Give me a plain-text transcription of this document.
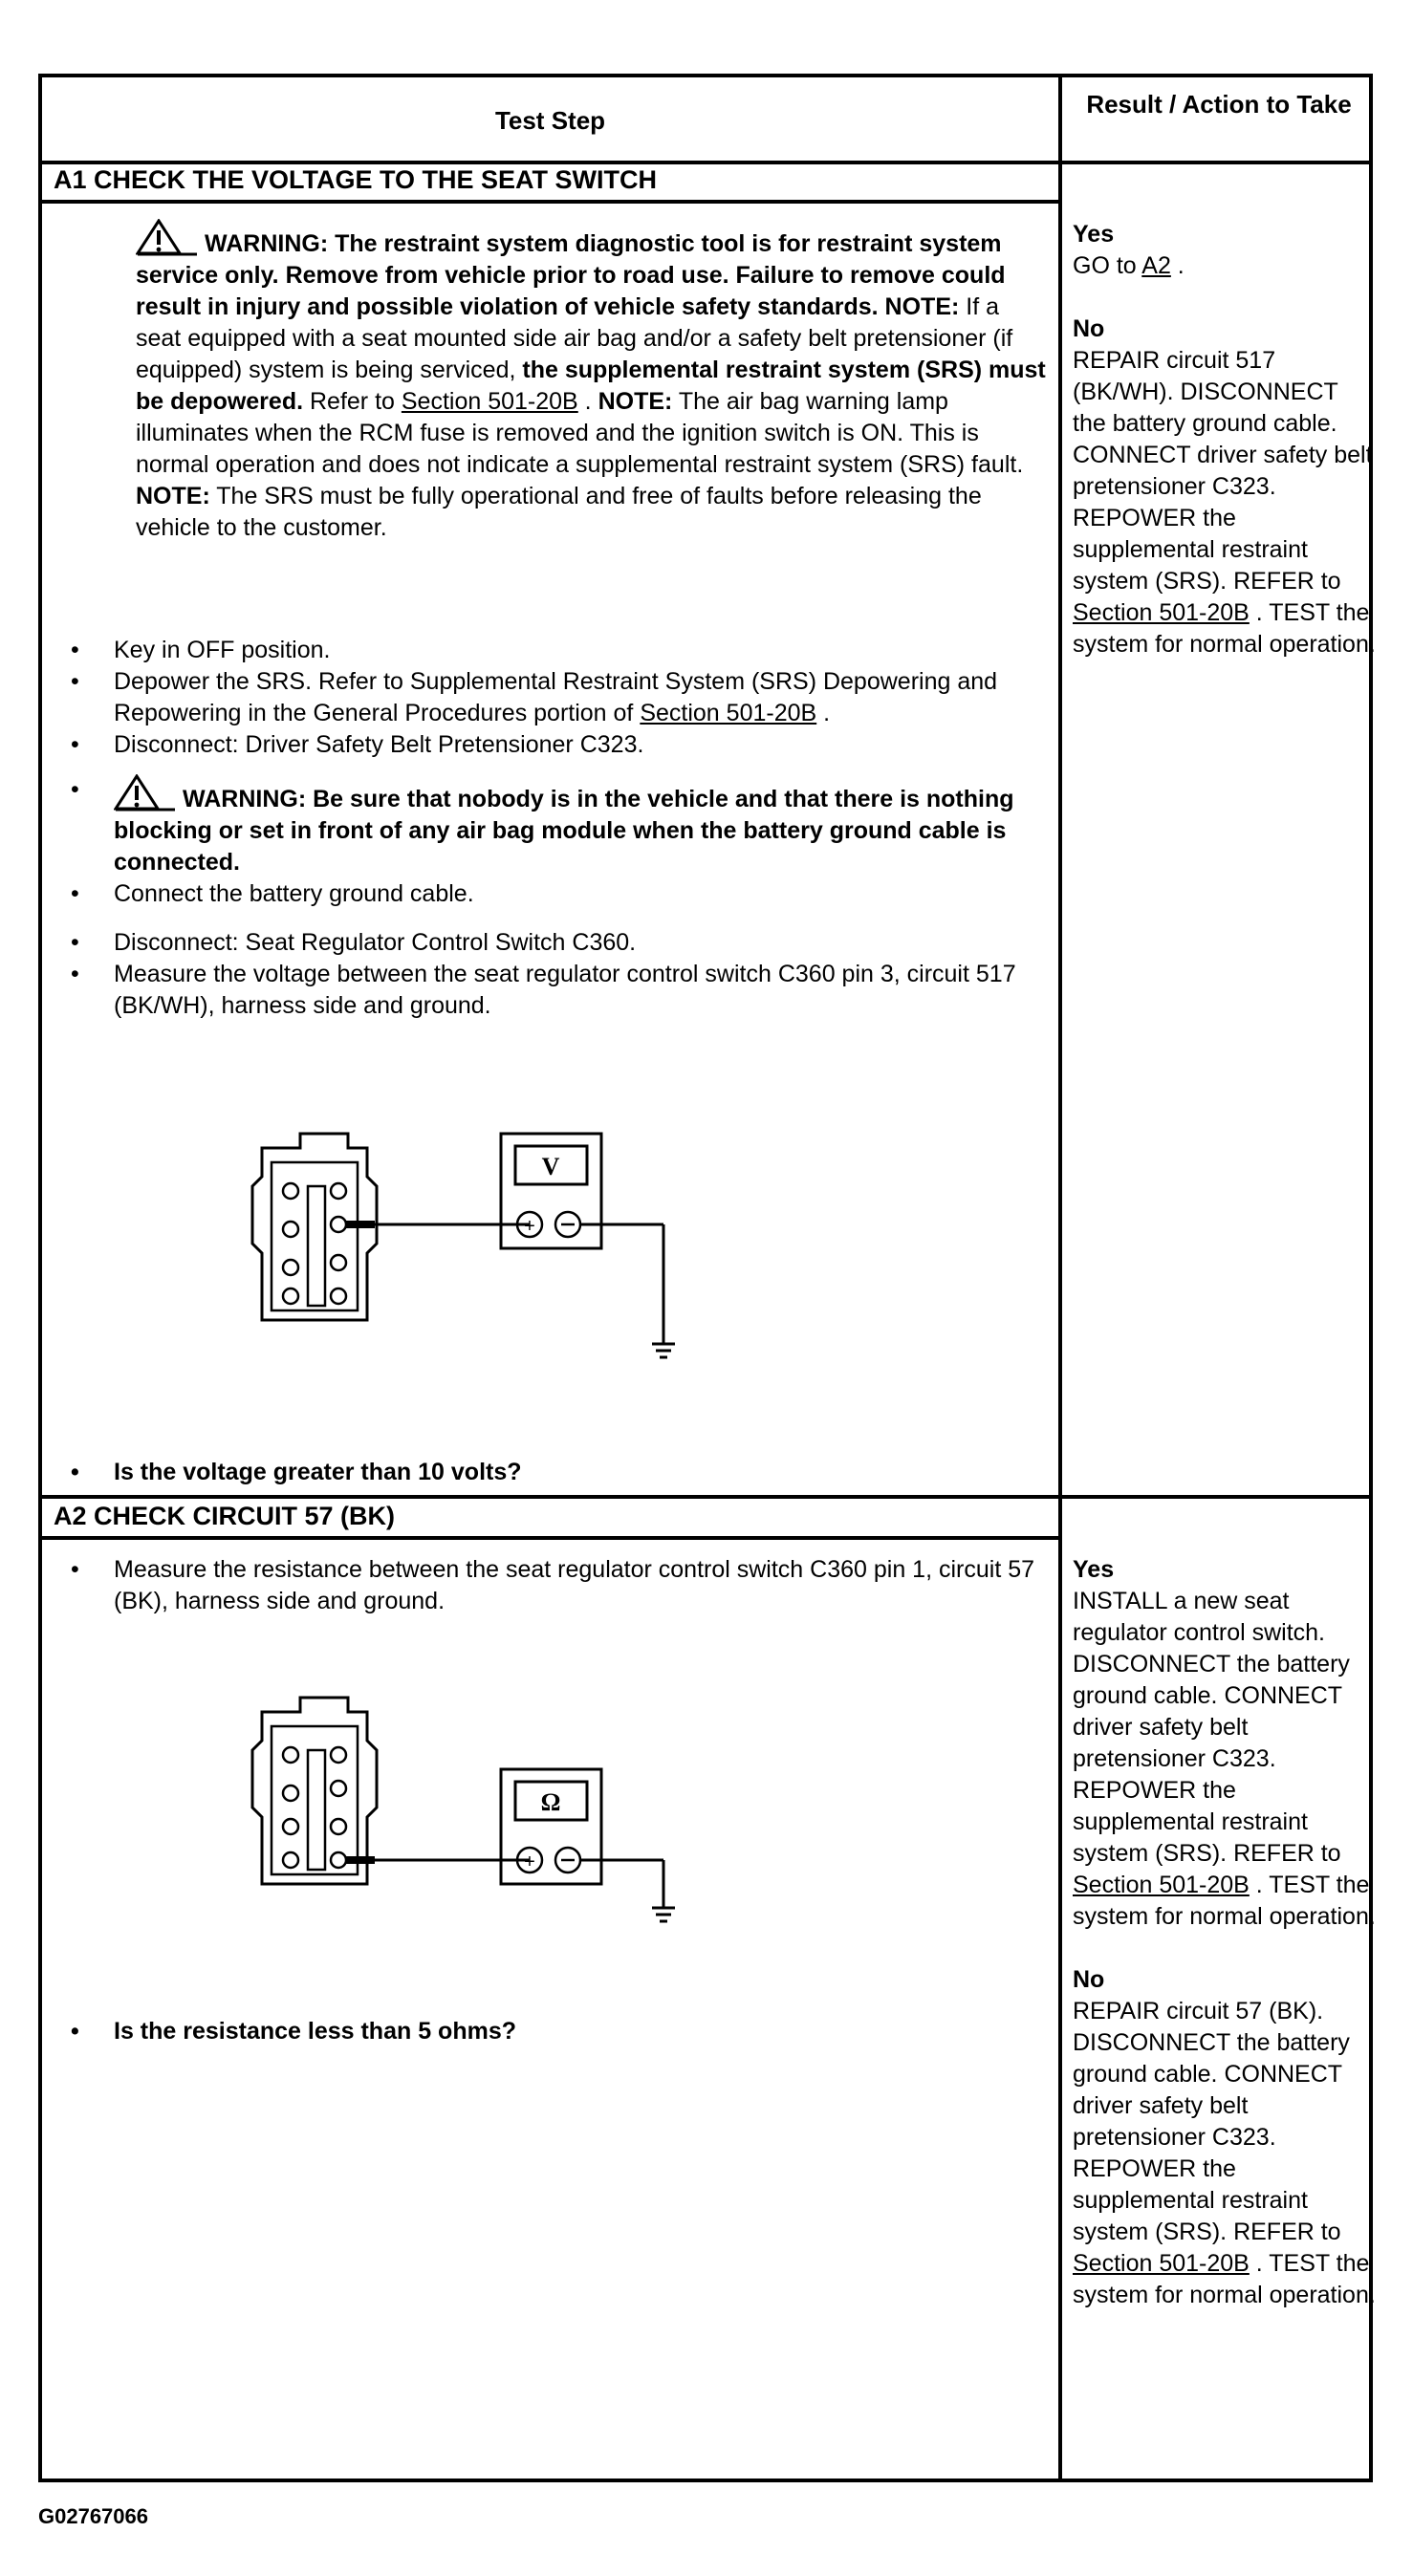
Test Step
Result / Action to Take
A1 CHECK THE VOLTAGE TO THE SEAT SWITCH
WARNING: The restraint system diagnostic tool is for restraint system service only. Remove from vehicle prior to road use. Failure to remove could result in injury and possible violation of vehicle safety standards. NOTE: If a seat equipped with a seat mounted side air bag and/or a safety belt pretensioner (if equipped) system is being serviced, the supplemental restraint system (SRS) must be depowered. Refer to Section 501-20B . NOTE: The air bag warning lamp illuminates when the RCM fuse is removed and the ignition switch is ON. This is normal operation and does not indicate a supplemental restraint system (SRS) fault. NOTE: The SRS must be fully operational and free of faults before releasing the vehicle to the customer.
• Key in OFF position.
• Depower the SRS. Refer to Supplemental Restraint System (SRS) Depowering and Repowering in the General Procedures portion of Section 501-20B .
• Disconnect: Driver Safety Belt Pretensioner C323.
• WARNING: Be sure that nobody is in the vehicle and that there is nothing blocking or set in front of any air bag module when the battery ground cable is connected.
• Connect the battery ground cable.
• Disconnect: Seat Regulator Control Switch C360.
• Measure the voltage between the seat regulator control switch C360 pin 3, circuit 517 (BK/WH), harness side and ground.
V
+
• Is the voltage greater than 10 volts?
Yes
GO to A2 .
No
REPAIR circuit 517 (BK/WH). DISCONNECT the battery ground cable. CONNECT driver safety belt pretensioner C323. REPOWER the supplemental restraint system (SRS). REFER to Section 501-20B . TEST the system for normal operation.
A2 CHECK CIRCUIT 57 (BK)
• Measure the resistance between the seat regulator control switch C360 pin 1, circuit 57 (BK), harness side and ground.
Ω
+
• Is the resistance less than 5 ohms?
Yes
INSTALL a new seat regulator control switch. DISCONNECT the battery ground cable. CONNECT driver safety belt pretensioner C323. REPOWER the supplemental restraint system (SRS). REFER to Section 501-20B . TEST the system for normal operation.
No
REPAIR circuit 57 (BK). DISCONNECT the battery ground cable. CONNECT driver safety belt pretensioner C323. REPOWER the supplemental restraint system (SRS). REFER to Section 501-20B . TEST the system for normal operation.
G02767066
